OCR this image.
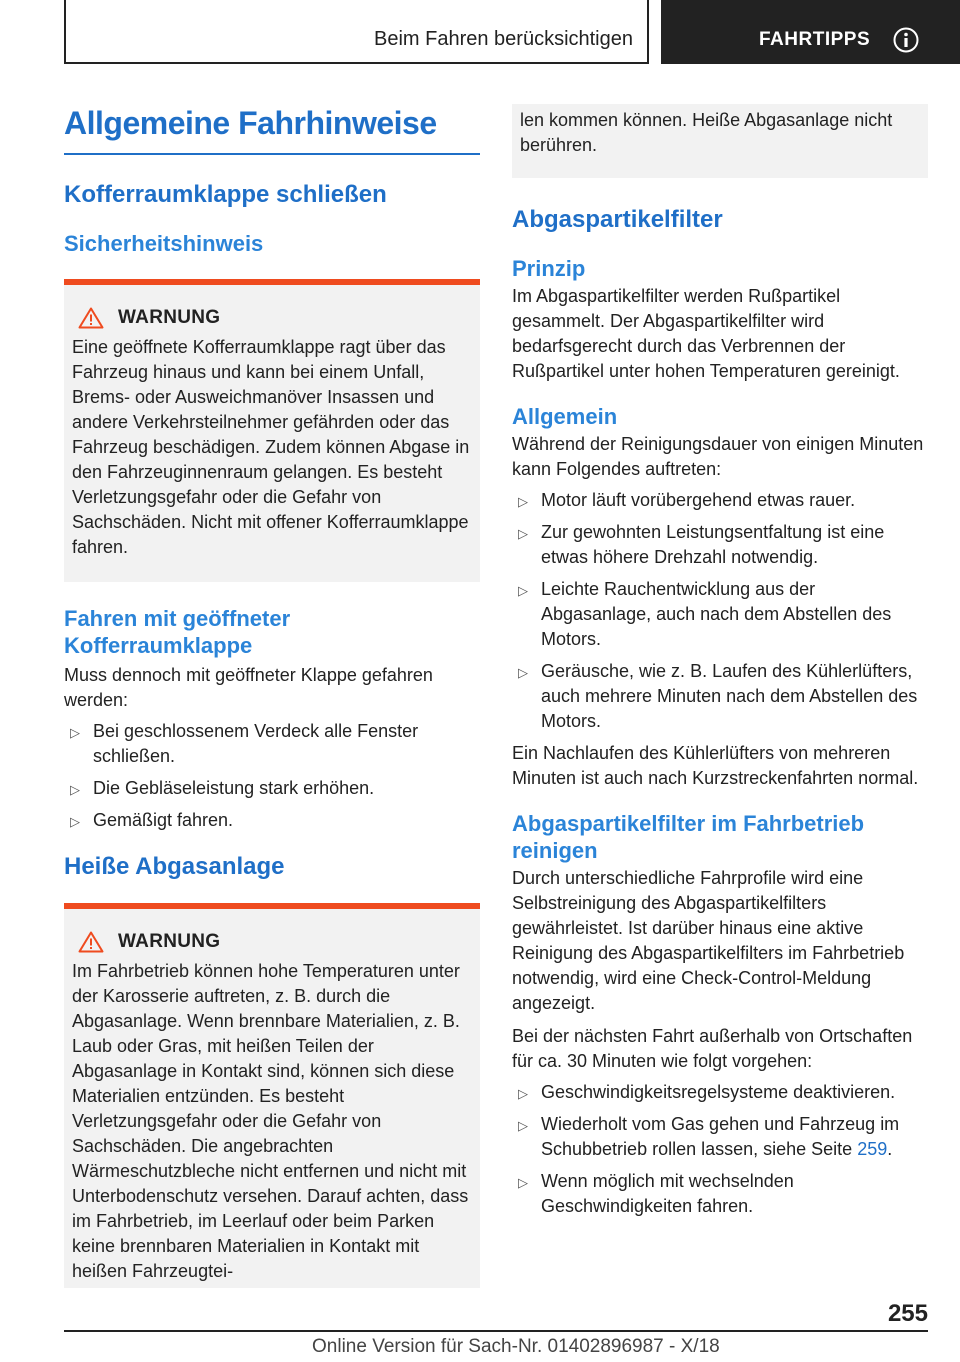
Beim Fahren berücksichtigen	FAHRTIPPS
Allgemeine Fahrhinweise
Kofferraumklappe schließen
Sicherheitshinweis
WARNUNG

Eine geöffnete Kofferraumklappe ragt über das Fahrzeug hinaus und kann bei einem Unfall, Brems- oder Ausweichmanöver Insassen und andere Verkehrsteilnehmer gefährden oder das Fahrzeug beschädigen. Zudem können Abgase in den Fahrzeuginnenraum gelangen. Es besteht Verletzungsgefahr oder die Gefahr von Sachschäden. Nicht mit offener Kofferraumklappe fahren.

Fahren mit geöffneter Kofferraumklappe

Muss dennoch mit geöffneter Klappe gefahren werden:

▷ Bei geschlossenem Verdeck alle Fenster schließen.
▷ Die Gebläseleistung stark erhöhen.
▷ Gemäßigt fahren.
Heiße Abgasanlage
WARNUNG

Im Fahrbetrieb können hohe Temperaturen unter der Karosserie auftreten, z. B. durch die Abgasanlage. Wenn brennbare Materialien, z. B. Laub oder Gras, mit heißen Teilen der Abgasanlage in Kontakt sind, können sich diese Materialien entzünden. Es besteht Verletzungsgefahr oder die Gefahr von Sachschäden. Die angebrachten Wärmeschutzbleche nicht entfernen und nicht mit Unterbodenschutz versehen. Darauf achten, dass im Fahrbetrieb, im Leerlauf oder beim Parken keine brennbaren Materialien in Kontakt mit heißen Fahrzeugtei-

len kommen können. Heiße Abgasanlage nicht berühren.

Abgaspartikelfilter
Prinzip

Im Abgaspartikelfilter werden Rußpartikel gesammelt. Der Abgaspartikelfilter wird bedarfsgerecht durch das Verbrennen der Rußpartikel unter hohen Temperaturen gereinigt.

Allgemein

Während der Reinigungsdauer von einigen Minuten kann Folgendes auftreten:

▷ Motor läuft vorübergehend etwas rauer.
▷ Zur gewohnten Leistungsentfaltung ist eine etwas höhere Drehzahl notwendig.
▷ Leichte Rauchentwicklung aus der Abgasanlage, auch nach dem Abstellen des Motors.
▷ Geräusche, wie z. B. Laufen des Kühlerlüfters, auch mehrere Minuten nach dem Abstellen des Motors.

Ein Nachlaufen des Kühlerlüfters von mehreren Minuten ist auch nach Kurzstreckenfahrten normal.

Abgaspartikelfilter im Fahrbetrieb reinigen

Durch unterschiedliche Fahrprofile wird eine Selbstreinigung des Abgaspartikelfilters gewährleistet. Ist darüber hinaus eine aktive Reinigung des Abgaspartikelfilters im Fahrbetrieb notwendig, wird eine Check-Control-Meldung angezeigt.

Bei der nächsten Fahrt außerhalb von Ortschaften für ca. 30 Minuten wie folgt vorgehen:

▷ Geschwindigkeitsregelsysteme deaktivieren.
▷ Wiederholt vom Gas gehen und Fahrzeug im Schubbetrieb rollen lassen, siehe Seite 259.
▷ Wenn möglich mit wechselnden Geschwindigkeiten fahren.
255
Online Version für Sach-Nr. 01402896987 - X/18
